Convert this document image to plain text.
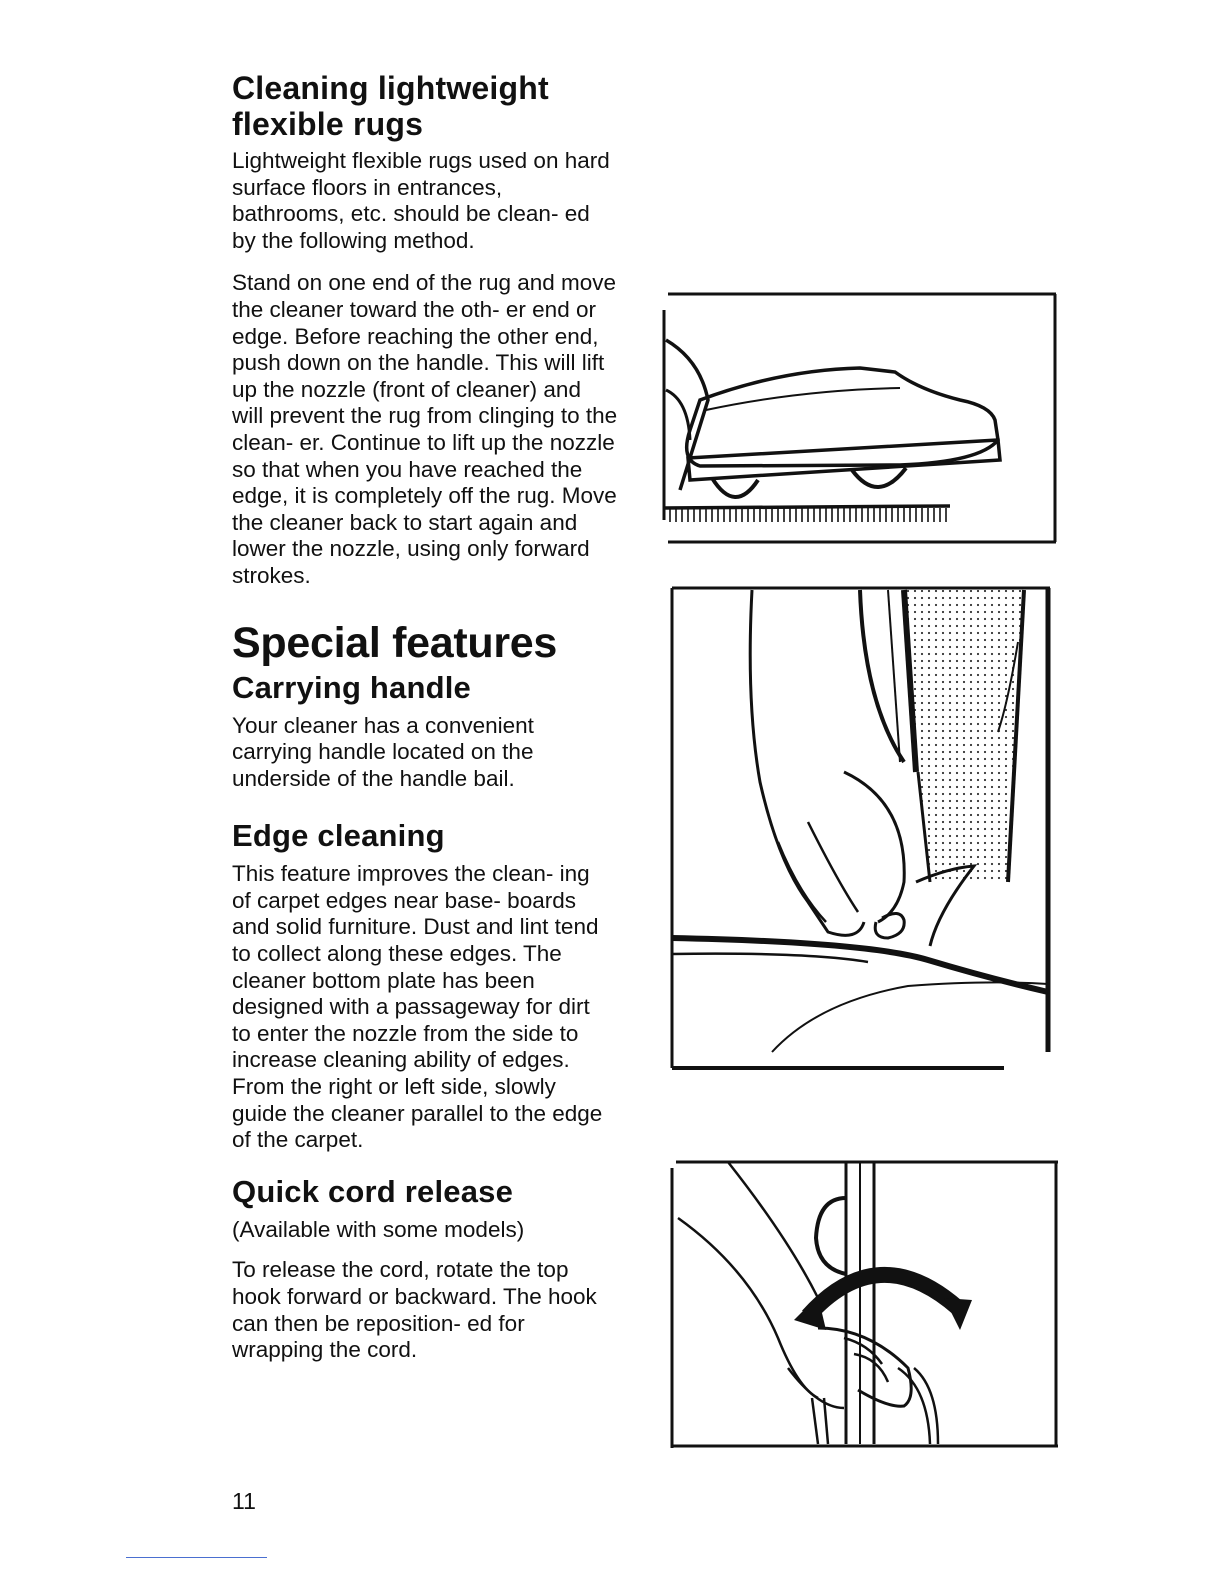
Cleaning lightweight flexible rugs

Lightweight flexible rugs used on hard surface floors in entrances, bathrooms, etc. should be clean- ed by the following method.

Stand on one end of the rug and move the cleaner toward the oth- er end or edge. Before reaching the other end, push down on the handle. This will lift up the nozzle (front of cleaner) and will prevent the rug from clinging to the clean- er. Continue to lift up the nozzle so that when you have reached the edge, it is completely off the rug. Move the cleaner back to start again and lower the nozzle, using only forward strokes.

Special features
Carrying handle

Your cleaner has a convenient carrying handle located on the underside of the handle bail.

Edge cleaning

This feature improves the clean- ing of carpet edges near base- boards and solid furniture. Dust and lint tend to collect along these edges. The cleaner bottom plate has been designed with a passageway for dirt to enter the nozzle from the side to increase cleaning ability of edges. From the right or left side, slowly guide the cleaner parallel to the edge of the carpet.

Quick cord release

(Available with some models)

To release the cord, rotate the top hook forward or backward. The hook can then be reposition- ed for wrapping the cord.

11
